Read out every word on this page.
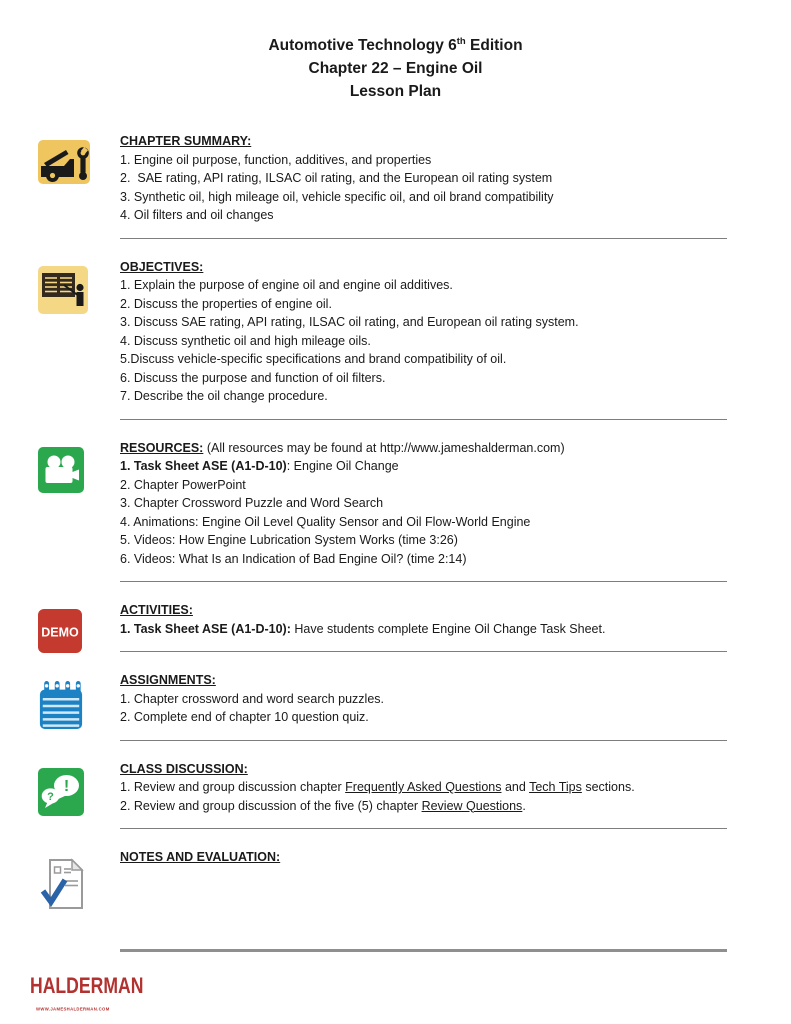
Automotive Technology 6th Edition
Chapter 22 – Engine Oil
Lesson Plan

CHAPTER SUMMARY:

1. Engine oil purpose, function, additives, and properties

2.  SAE rating, API rating, ILSAC oil rating, and the European oil rating system

3. Synthetic oil, high mileage oil, vehicle specific oil, and oil brand compatibility

4. Oil filters and oil changes

OBJECTIVES:

1. Explain the purpose of engine oil and engine oil additives.

2. Discuss the properties of engine oil.

3. Discuss SAE rating, API rating, ILSAC oil rating, and European oil rating system.

4. Discuss synthetic oil and high mileage oils.

5.Discuss vehicle-specific specifications and brand compatibility of oil.

6. Discuss the purpose and function of oil filters.

7. Describe the oil change procedure.

RESOURCES: (All resources may be found at http://www.jameshalderman.com)

1. Task Sheet ASE (A1-D-10): Engine Oil Change

2. Chapter PowerPoint

3. Chapter Crossword Puzzle and Word Search

4. Animations: Engine Oil Level Quality Sensor and Oil Flow-World Engine

5. Videos: How Engine Lubrication System Works (time 3:26)

6. Videos: What Is an Indication of Bad Engine Oil? (time 2:14)

DEMO

ACTIVITIES:

1. Task Sheet ASE (A1-D-10): Have students complete Engine Oil Change Task Sheet.

ASSIGNMENTS:

1. Chapter crossword and word search puzzles.

2. Complete end of chapter 10 question quiz.

!
?

CLASS DISCUSSION:

1. Review and group discussion chapter Frequently Asked Questions and Tech Tips sections.

2. Review and group discussion of the five (5) chapter Review Questions.

NOTES AND EVALUATION:

HALDERMAN
WWW.JAMESHALDERMAN.COM
